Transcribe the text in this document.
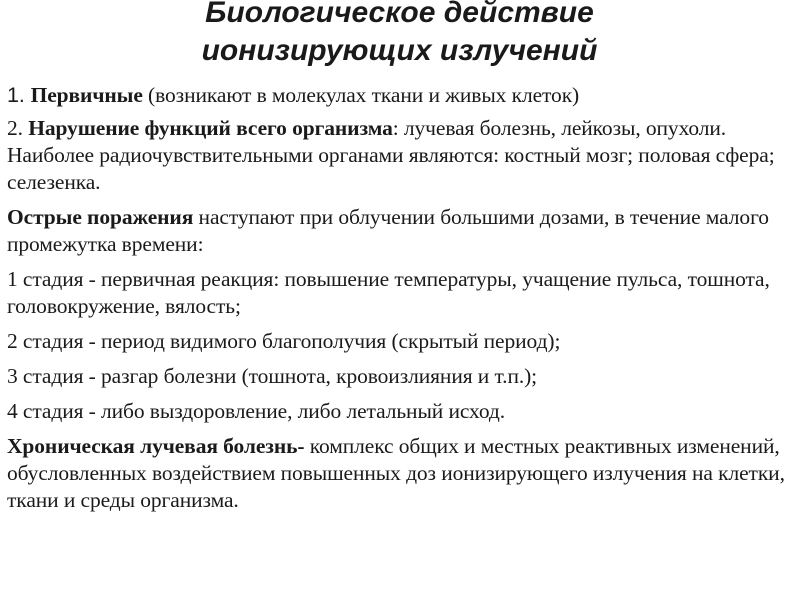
Биологическое действие
ионизирующих излучений

1. Первичные (возникают в молекулах ткани и живых клеток)

2. Нарушение функций всего организма: лучевая болезнь, лейкозы, опухоли. Наиболее радиочувствительными органами являются: костный мозг; половая сфера; селезенка.

Острые поражения наступают при облучении большими дозами, в течение малого промежутка времени:

1 стадия - первичная реакция: повышение температуры, учащение пульса, тошнота, головокружение, вялость;

2 стадия - период видимого благополучия (скрытый период);

3 стадия - разгар болезни (тошнота, кровоизлияния и т.п.);

4 стадия - либо выздоровление, либо летальный исход.

Хроническая лучевая болезнь- комплекс общих и местных реактивных изменений, обусловленных воздействием повышенных доз ионизирующего излучения на клетки, ткани и среды организма.
